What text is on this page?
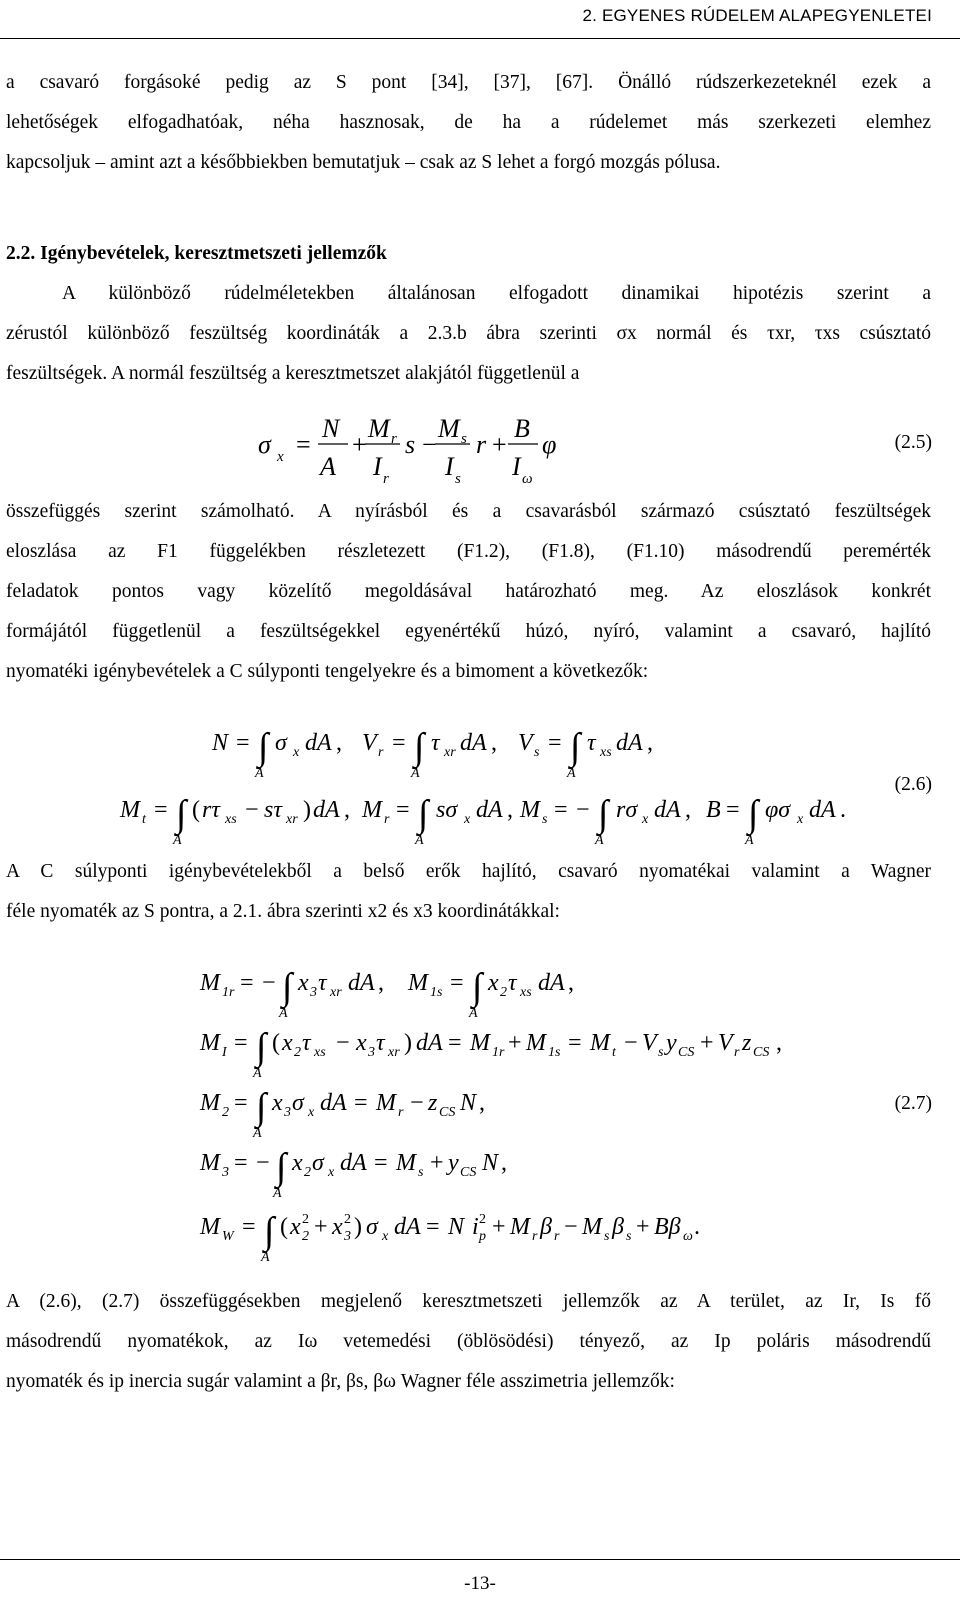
2. EGYENES RÚDELEM ALAPEGYENLETEI
a csavaró forgásoké pedig az S pont [34], [37], [67]. Önálló rúdszerkezeteknél ezek a
lehetőségek elfogadhatóak, néha hasznosak, de ha a rúdelemet más szerkezeti elemhez
kapcsoljuk – amint azt a későbbiekben bemutatjuk – csak az S lehet a forgó mozgás pólusa.
2.2. Igénybevételek, keresztmetszeti jellemzők
A különböző rúdelméletekben általánosan elfogadott dinamikai hipotézis szerint a
zérustól különböző feszültség koordináták a 2.3.b ábra szerinti σx normál és τxr, τxs csúsztató
feszültségek. A normál feszültség a keresztmetszet alakjától függetlenül a
σ x =
N
A
+
M r
I r
s −
M s
I s
r +
B
I ω
φ	(2.5)
összefüggés szerint számolható. A nyírásból és a csavarásból származó csúsztató feszültségek
eloszlása az F1 függelékben részletezett (F1.2), (F1.8), (F1.10) másodrendű peremérték
feladatok pontos vagy közelítő megoldásával határozható meg. Az eloszlások konkrét
formájától függetlenül a feszültségekkel egyenértékű húzó, nyíró, valamint a csavaró, hajlító
nyomatéki igénybevételek a C súlyponti tengelyekre és a bimoment a következők:
N = ∫
A
σ x dA , V r = ∫
A
τ xr dA , V s = ∫
A
τ xs dA ,
M t = ∫
A
( rτ xs − sτ xr ) dA , M r = ∫
A
sσ x dA , M s = − ∫
A
rσ x dA , B = ∫
A
φσ x dA .
(2.6)
A C súlyponti igénybevételekből a belső erők hajlító, csavaró nyomatékai valamint a Wagner
féle nyomaték az S pontra, a 2.1. ábra szerinti x2 és x3 koordinátákkal:
M 1r = − ∫
A
x 3 τ xr dA , M 1s = ∫
A
x 2 τ xs dA ,
M I = ∫
A
( x 2 τ xs − x 3 τ xr ) dA = M 1r + M 1s = M t − V s y CS + V r z CS ,
M 2 = ∫
A
x 3 σ x dA = M r − z CS N ,
M 3 = − ∫
A
x 2 σ x dA = M s + y CS N ,
M W = ∫
A
( x 2
2 + x 3
2 ) σ x dA = N i p
2 + M r β r − M s β s + Bβ ω .
(2.7)
A (2.6), (2.7) összefüggésekben megjelenő keresztmetszeti jellemzők az A terület, az Ir, Is fő
másodrendű nyomatékok, az Iω vetemedési (öblösödési) tényező, az Ip poláris másodrendű
nyomaték és ip inercia sugár valamint a βr, βs, βω Wagner féle asszimetria jellemzők:
-13-
